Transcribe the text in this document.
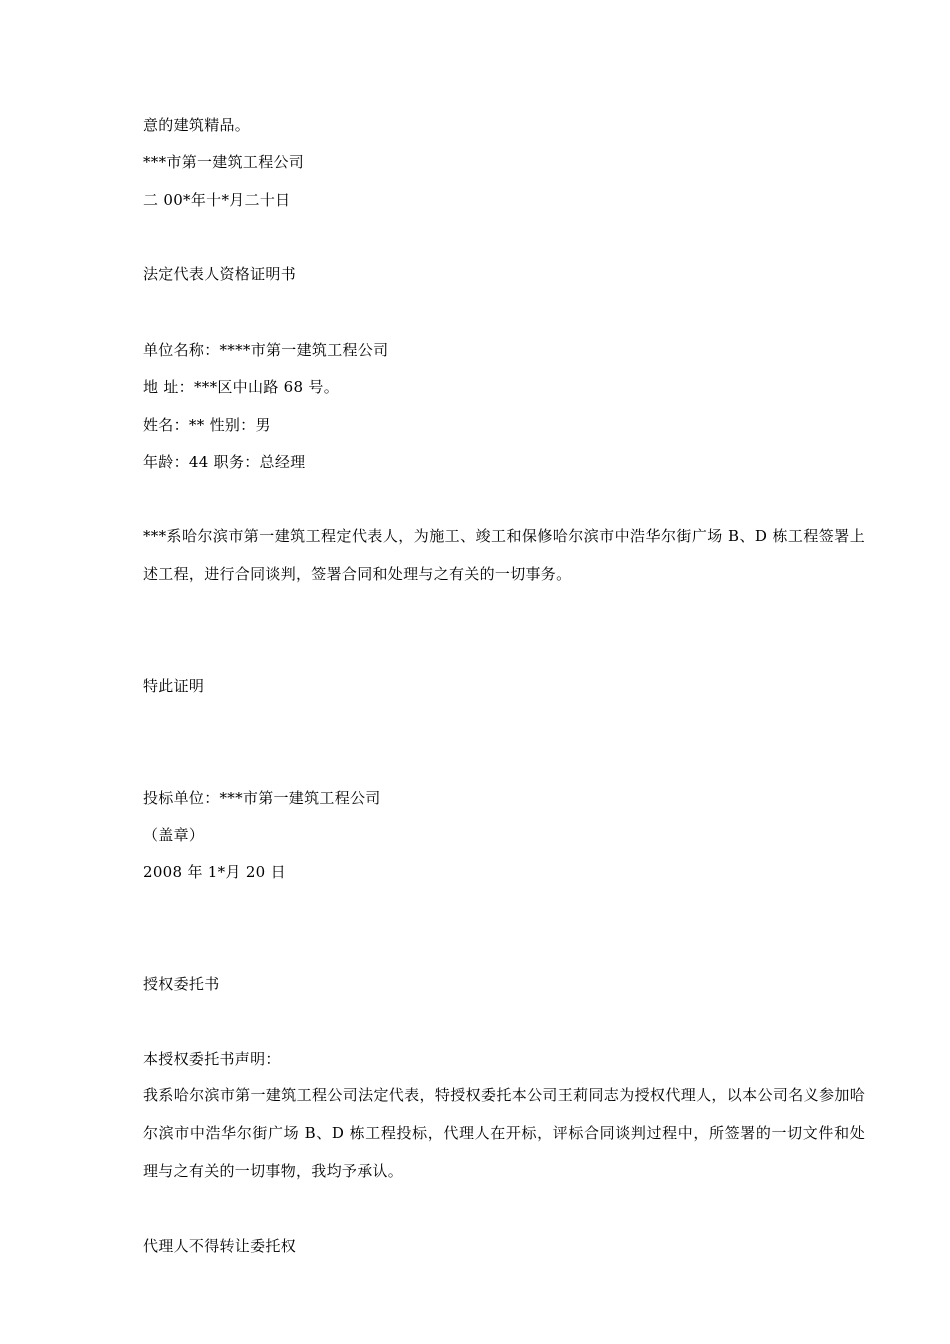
意的建筑精品。
***市第一建筑工程公司
二 00*年十*月二十日
法定代表人资格证明书
单位名称：****市第一建筑工程公司
地 址：***区中山路 68 号。
姓名：** 性别：男
年龄：44 职务：总经理
***系哈尔滨市第一建筑工程定代表人，为施工、竣工和保修哈尔滨市中浩华尔街广场 B、D 栋工程签署上述工程，进行合同谈判，签署合同和处理与之有关的一切事务。
特此证明
投标单位：***市第一建筑工程公司
（盖章）
2008 年 1*月 20 日
授权委托书
本授权委托书声明：
我系哈尔滨市第一建筑工程公司法定代表，特授权委托本公司王莉同志为授权代理人，以本公司名义参加哈尔滨市中浩华尔街广场 B、D 栋工程投标，代理人在开标，评标合同谈判过程中，所签署的一切文件和处理与之有关的一切事物，我均予承认。
代理人不得转让委托权
